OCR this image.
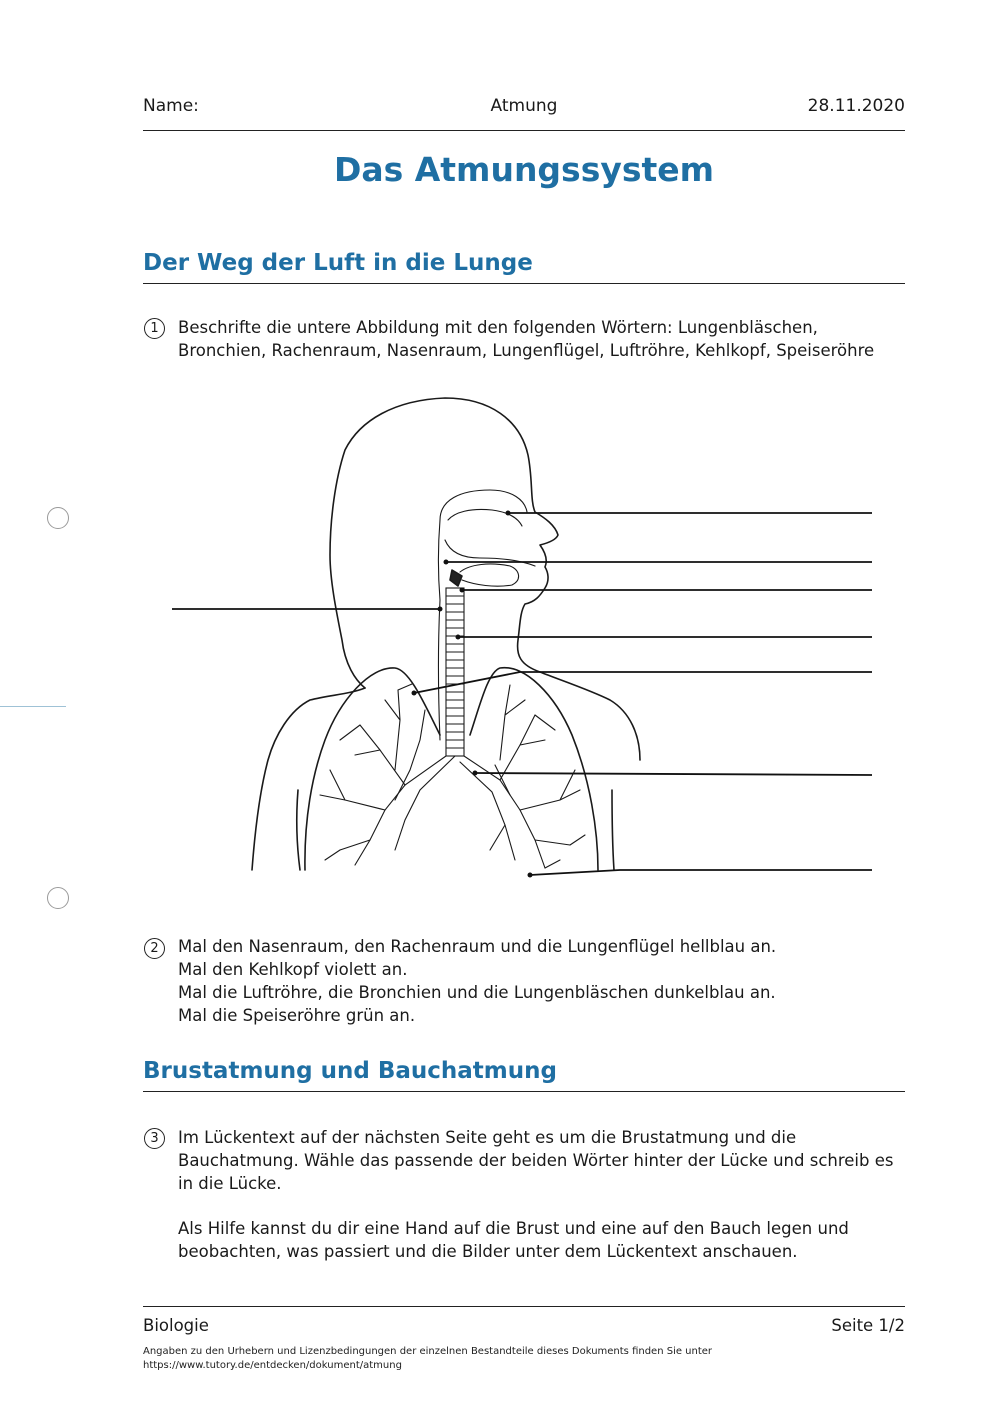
Name:	Atmung	28.11.2020
Das Atmungssystem
Der Weg der Luft in die Lunge
1	Beschrifte die untere Abbildung mit den folgenden Wörtern: Lungenbläschen,
Bronchien, Rachenraum, Nasenraum, Lungenflügel, Luftröhre, Kehlkopf, Speiseröhre
2	Mal den Nasenraum, den Rachenraum und die Lungenflügel hellblau an.
Mal den Kehlkopf violett an.
Mal die Luftröhre, die Bronchien und die Lungenbläschen dunkelblau an.
Mal die Speiseröhre grün an.
Brustatmung und Bauchatmung
3	Im Lückentext auf der nächsten Seite geht es um die Brustatmung und die
Bauchatmung. Wähle das passende der beiden Wörter hinter der Lücke und schreib es
in die Lücke.
Als Hilfe kannst du dir eine Hand auf die Brust und eine auf den Bauch legen und
beobachten, was passiert und die Bilder unter dem Lückentext anschauen.
Biologie	Seite 1/2
Angaben zu den Urhebern und Lizenzbedingungen der einzelnen Bestandteile dieses Dokuments finden Sie unter
https://www.tutory.de/entdecken/dokument/atmung
